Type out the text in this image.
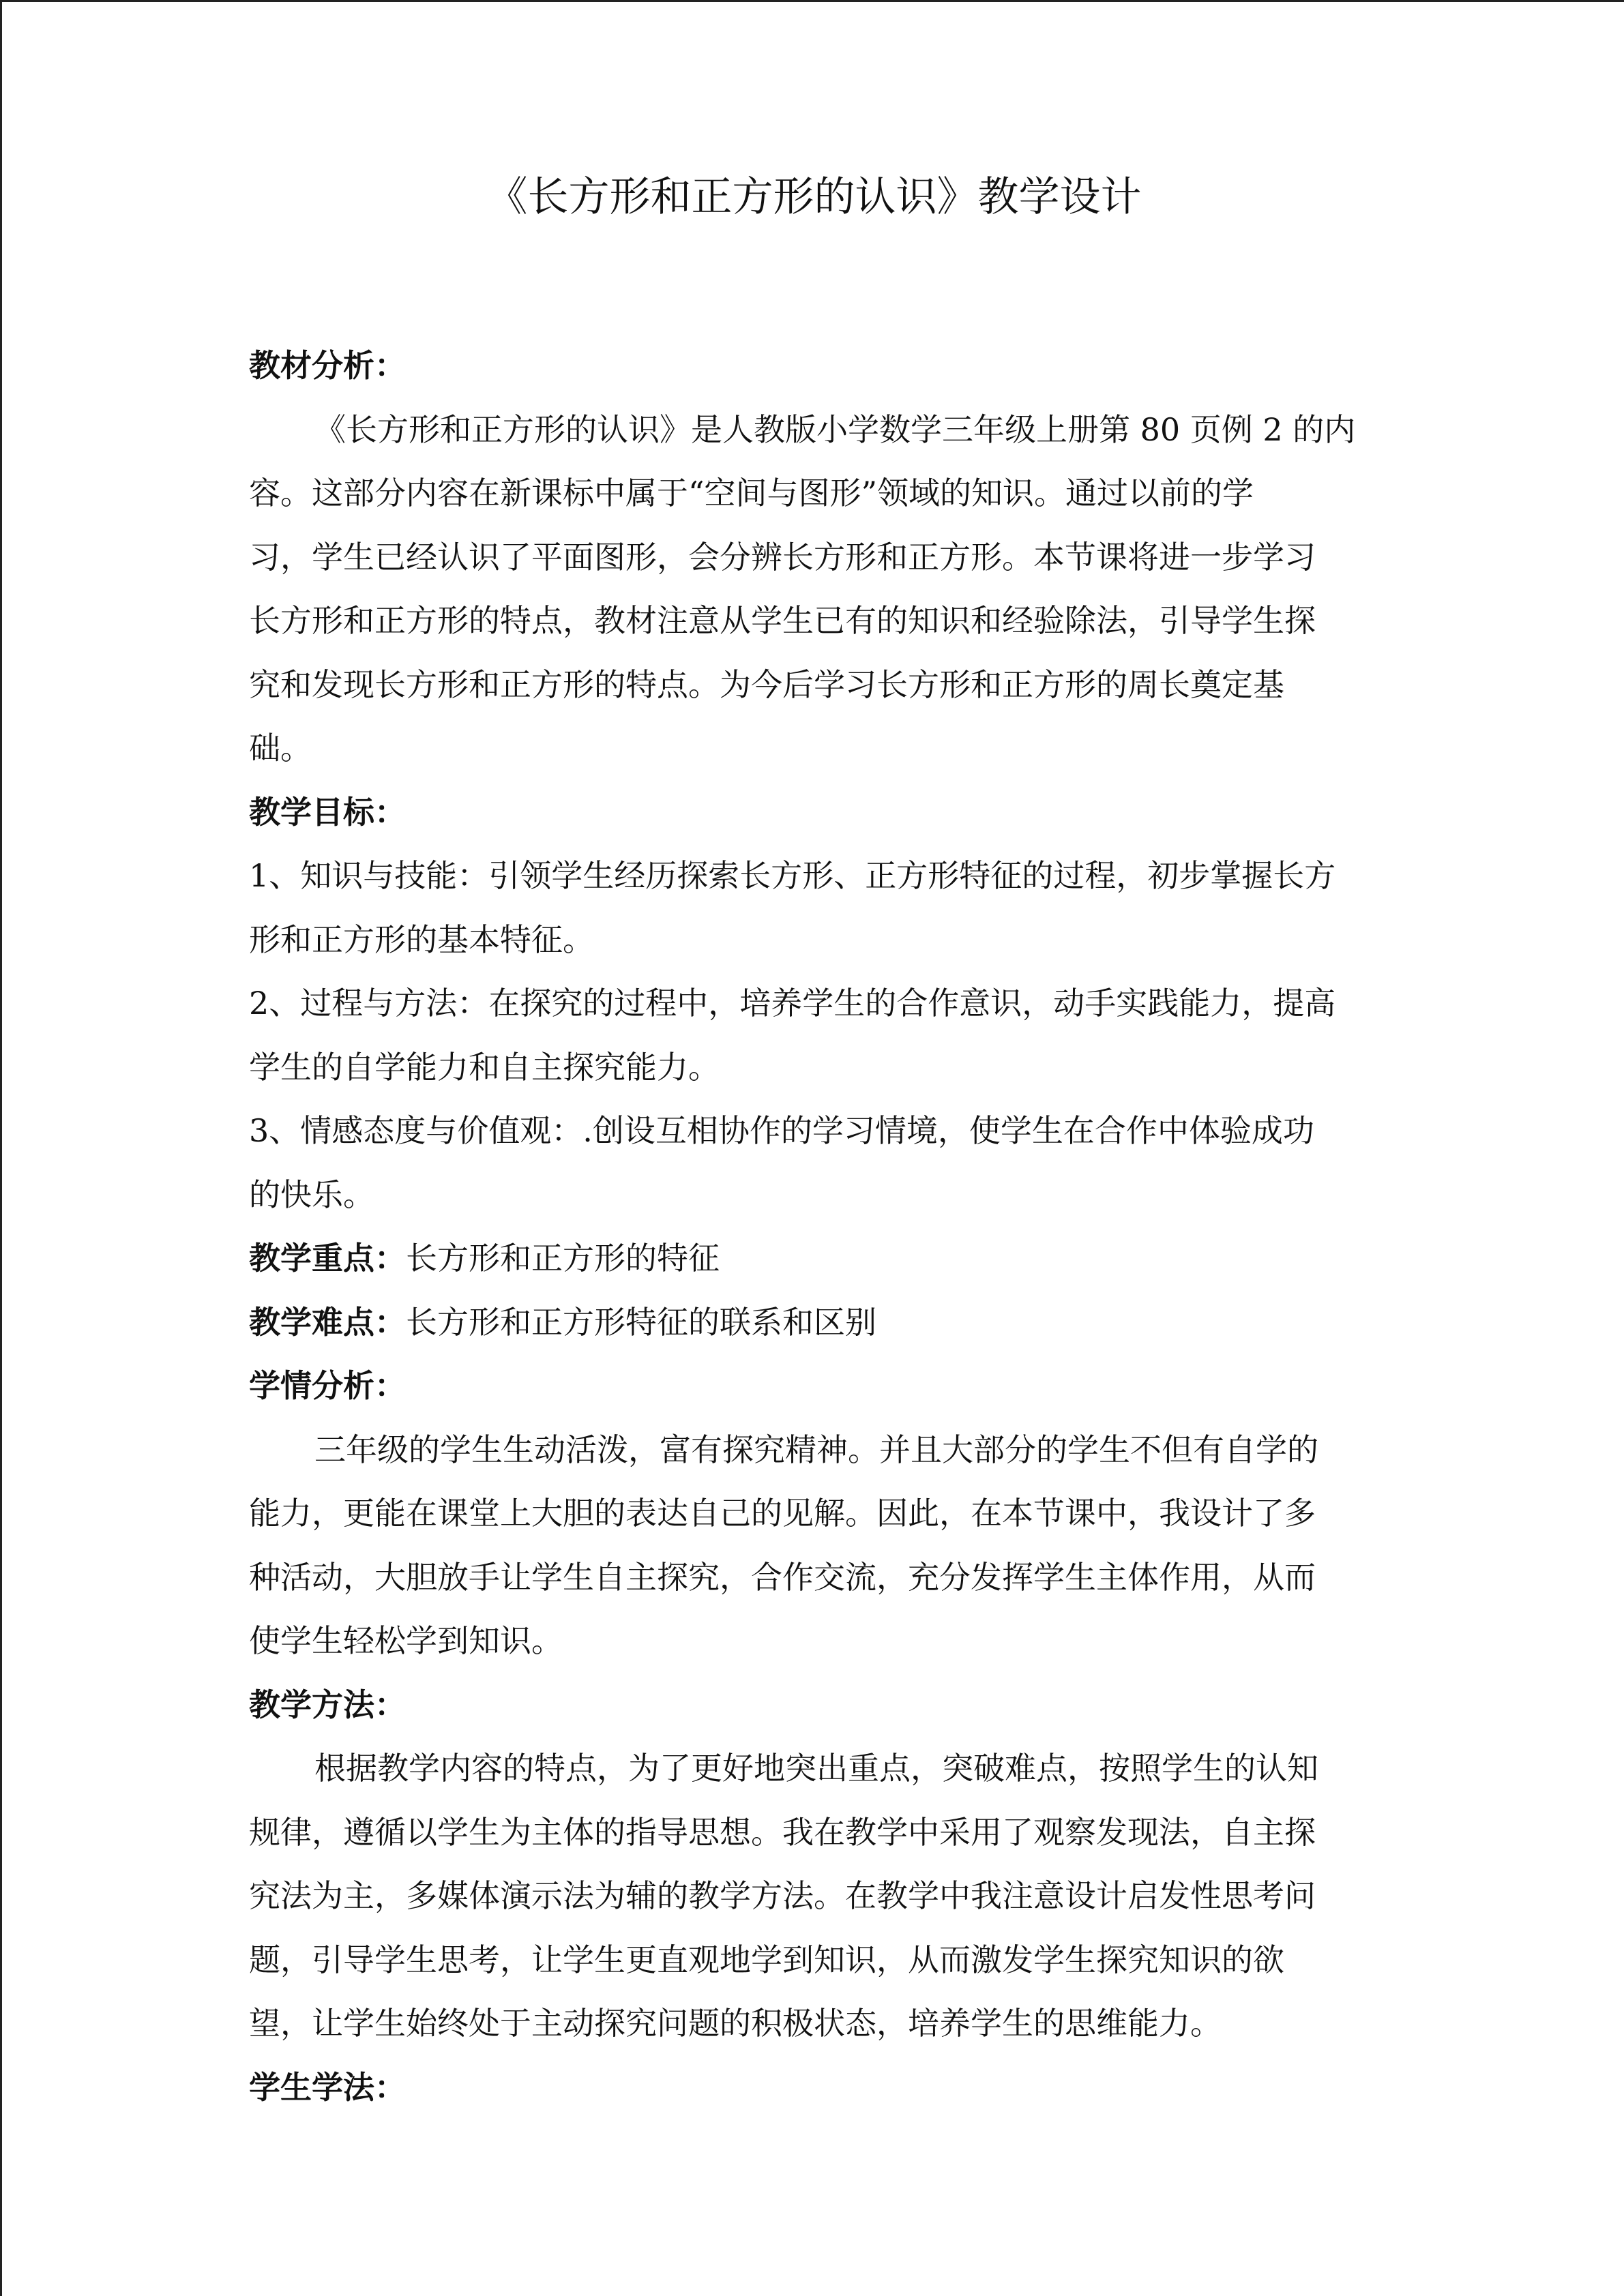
《长方形和正方形的认识》教学设计
教材分析：
《长方形和正方形的认识》是人教版小学数学三年级上册第 80 页例 2 的内
容。这部分内容在新课标中属于“空间与图形”领域的知识。通过以前的学
习，学生已经认识了平面图形，会分辨长方形和正方形。本节课将进一步学习
长方形和正方形的特点，教材注意从学生已有的知识和经验除法，引导学生探
究和发现长方形和正方形的特点。为今后学习长方形和正方形的周长奠定基
础。
教学目标：
1、知识与技能：引领学生经历探索长方形、正方形特征的过程，初步掌握长方
形和正方形的基本特征。
2、过程与方法：在探究的过程中，培养学生的合作意识，动手实践能力，提高
学生的自学能力和自主探究能力。
3、情感态度与价值观：.创设互相协作的学习情境，使学生在合作中体验成功
的快乐。
教学重点：长方形和正方形的特征
教学难点：长方形和正方形特征的联系和区别
学情分析：
三年级的学生生动活泼，富有探究精神。并且大部分的学生不但有自学的
能力，更能在课堂上大胆的表达自己的见解。因此，在本节课中，我设计了多
种活动，大胆放手让学生自主探究，合作交流，充分发挥学生主体作用，从而
使学生轻松学到知识。
教学方法：
根据教学内容的特点，为了更好地突出重点，突破难点，按照学生的认知
规律，遵循以学生为主体的指导思想。我在教学中采用了观察发现法，自主探
究法为主，多媒体演示法为辅的教学方法。在教学中我注意设计启发性思考问
题，引导学生思考，让学生更直观地学到知识，从而激发学生探究知识的欲
望，让学生始终处于主动探究问题的积极状态，培养学生的思维能力。
学生学法：
